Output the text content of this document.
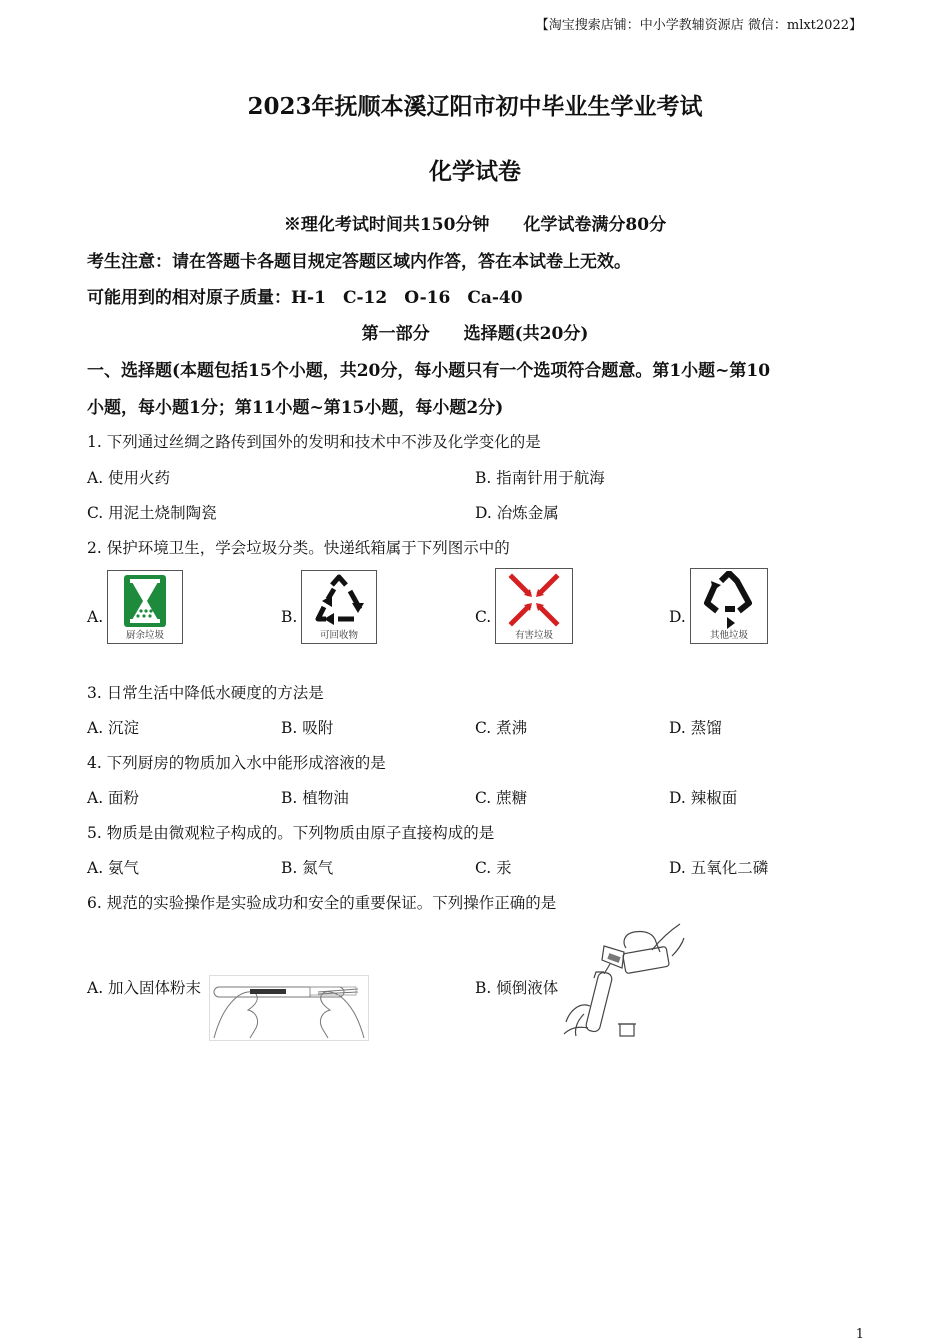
【淘宝搜索店铺：中小学教辅资源店 微信：mlxt2022】
2023年抚顺本溪辽阳市初中毕业生学业考试
化学试卷
※理化考试时间共150分钟　　化学试卷满分80分
考生注意：请在答题卡各题目规定答题区域内作答，答在本试卷上无效。
可能用到的相对原子质量：H-1　C-12　O-16　Ca-40
第一部分　　选择题(共20分)
一、选择题(本题包括15个小题，共20分，每小题只有一个选项符合题意。第1小题~第10
小题，每小题1分；第11小题~第15小题，每小题2分)
1. 下列通过丝绸之路传到国外的发明和技术中不涉及化学变化的是
A. 使用火药	B. 指南针用于航海
C. 用泥土烧制陶瓷	D. 冶炼金属
2. 保护环境卫生，学会垃圾分类。快递纸箱属于下列图示中的
A.
厨余垃圾
B.
可回收物
C.
有害垃圾
D.
其他垃圾
3. 日常生活中降低水硬度的方法是
A. 沉淀	B. 吸附	C. 煮沸	D. 蒸馏
4. 下列厨房的物质加入水中能形成溶液的是
A. 面粉	B. 植物油	C. 蔗糖	D. 辣椒面
5. 物质是由微观粒子构成的。下列物质由原子直接构成的是
A. 氨气	B. 氮气	C. 汞	D. 五氧化二磷
6. 规范的实验操作是实验成功和安全的重要保证。下列操作正确的是
A. 加入固体粉末	B. 倾倒液体
1
